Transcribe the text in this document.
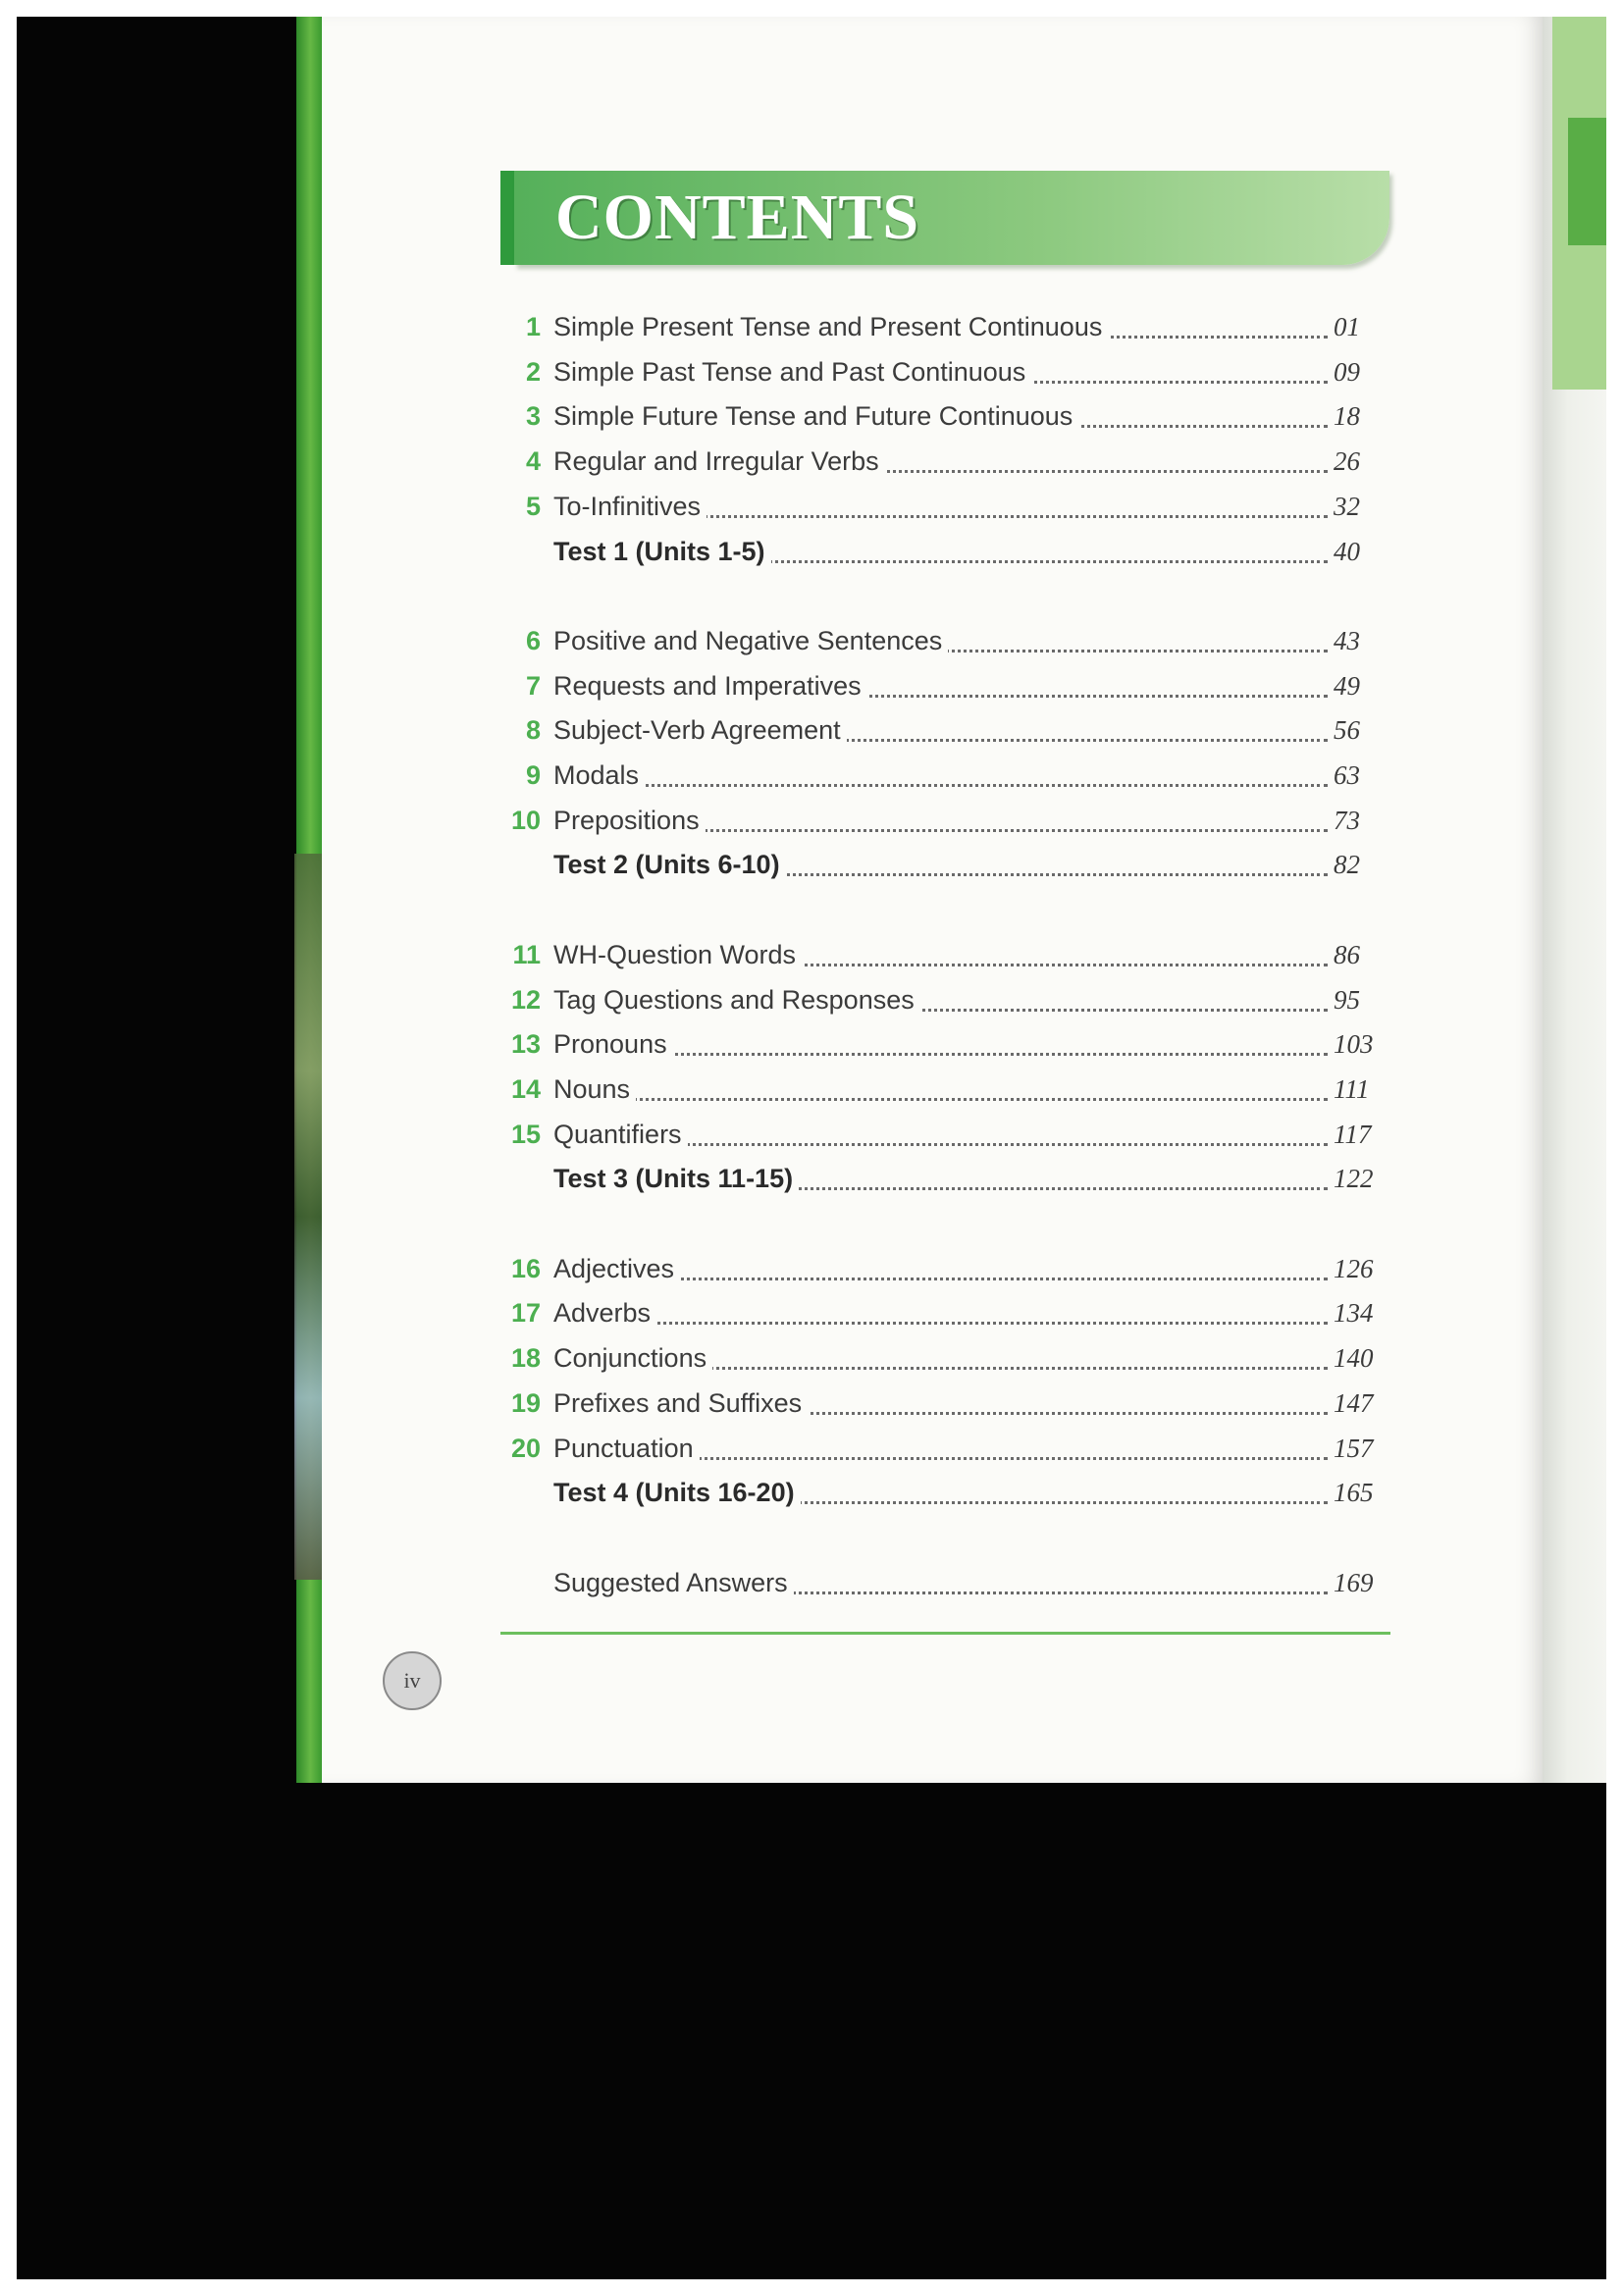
CONTENTS
1 Simple Present Tense and Present Continuous	01
2 Simple Past Tense and Past Continuous	09
3 Simple Future Tense and Future Continuous	18
4 Regular and Irregular Verbs	26
5 To-Infinitives	32
Test 1 (Units 1-5)	40
6 Positive and Negative Sentences	43
7 Requests and Imperatives	49
8 Subject-Verb Agreement	56
9 Modals	63
10 Prepositions	73
Test 2 (Units 6-10)	82
11 WH-Question Words	86
12 Tag Questions and Responses	95
13 Pronouns	103
14 Nouns	111
15 Quantifiers	117
Test 3 (Units 11-15)	122
16 Adjectives	126
17 Adverbs	134
18 Conjunctions	140
19 Prefixes and Suffixes	147
20 Punctuation	157
Test 4 (Units 16-20)	165
Suggested Answers	169
iv
